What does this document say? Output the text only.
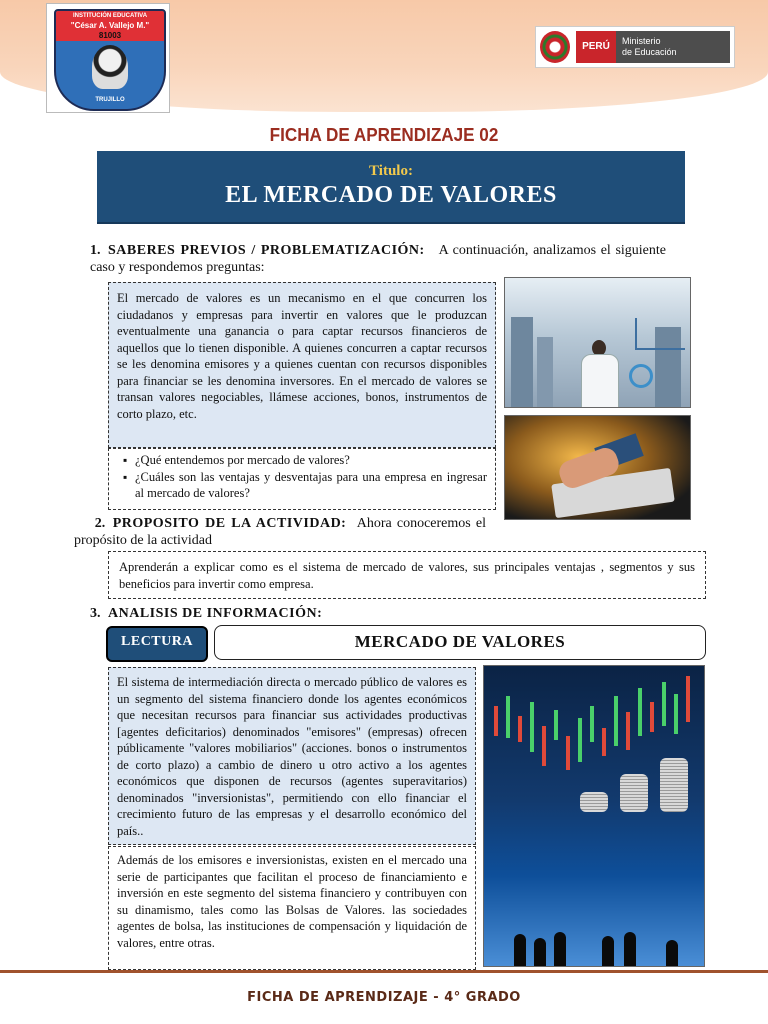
INSTITUCIÓN EDUCATIVA
"César A. Vallejo M."
81003
TRUJILLO
PERÚ	Ministerio
de Educación
FICHA DE APRENDIZAJE 02
Titulo:
EL MERCADO DE VALORES
1. SABERES PREVIOS / PROBLEMATIZACIÓN: A continuación, analizamos el siguiente caso y respondemos preguntas:
El mercado de valores es un mecanismo en el que concurren los ciudadanos y empresas para invertir en valores que le produzcan eventualmente una ganancia o para captar recursos financieros de aquellos que lo tienen disponible. A quienes concurren a captar recursos se les denomina emisores y a quienes cuentan con recursos disponibles para financiar se les denomina inversores. En el mercado de valores se transan valores negociables, llámese acciones, bonos, instrumentos de corto plazo, etc.
▪ ¿Qué entendemos por mercado de valores?
▪ ¿Cuáles son las ventajas y desventajas para una empresa en ingresar al mercado de valores?
2. PROPOSITO DE LA ACTIVIDAD: Ahora conoceremos el propósito de la actividad
Aprenderán a explicar como es el sistema de mercado de valores, sus principales ventajas , segmentos y sus beneficios para invertir como empresa.
3. ANALISIS DE INFORMACIÓN:
LECTURA	MERCADO DE VALORES
El sistema de intermediación directa o mercado público de valores es un segmento del sistema financiero donde los agentes económicos que necesitan recursos para financiar sus actividades productivas [agentes deficitarios) denominados "emisores" (empresas) ofrecen públicamente "valores mobiliarios" (acciones. bonos o instrumentos de corto plazo) a cambio de dinero u otro activo a los agentes económicos que disponen de recursos (agentes superavitarios) denominados "inversionistas", permitiendo con ello financiar el crecimiento futuro de las empresas y el desarrollo económico del país..
Además de los emisores e inversionistas, existen en el mercado una serie de participantes que facilitan el proceso de financiamiento e inversión en este segmento del sistema financiero y contribuyen con su dinamismo, tales como las Bolsas de Valores. las sociedades agentes de bolsa, las instituciones de compensación y liquidación de valores, entre otras.
FICHA DE APRENDIZAJE - 4° GRADO
